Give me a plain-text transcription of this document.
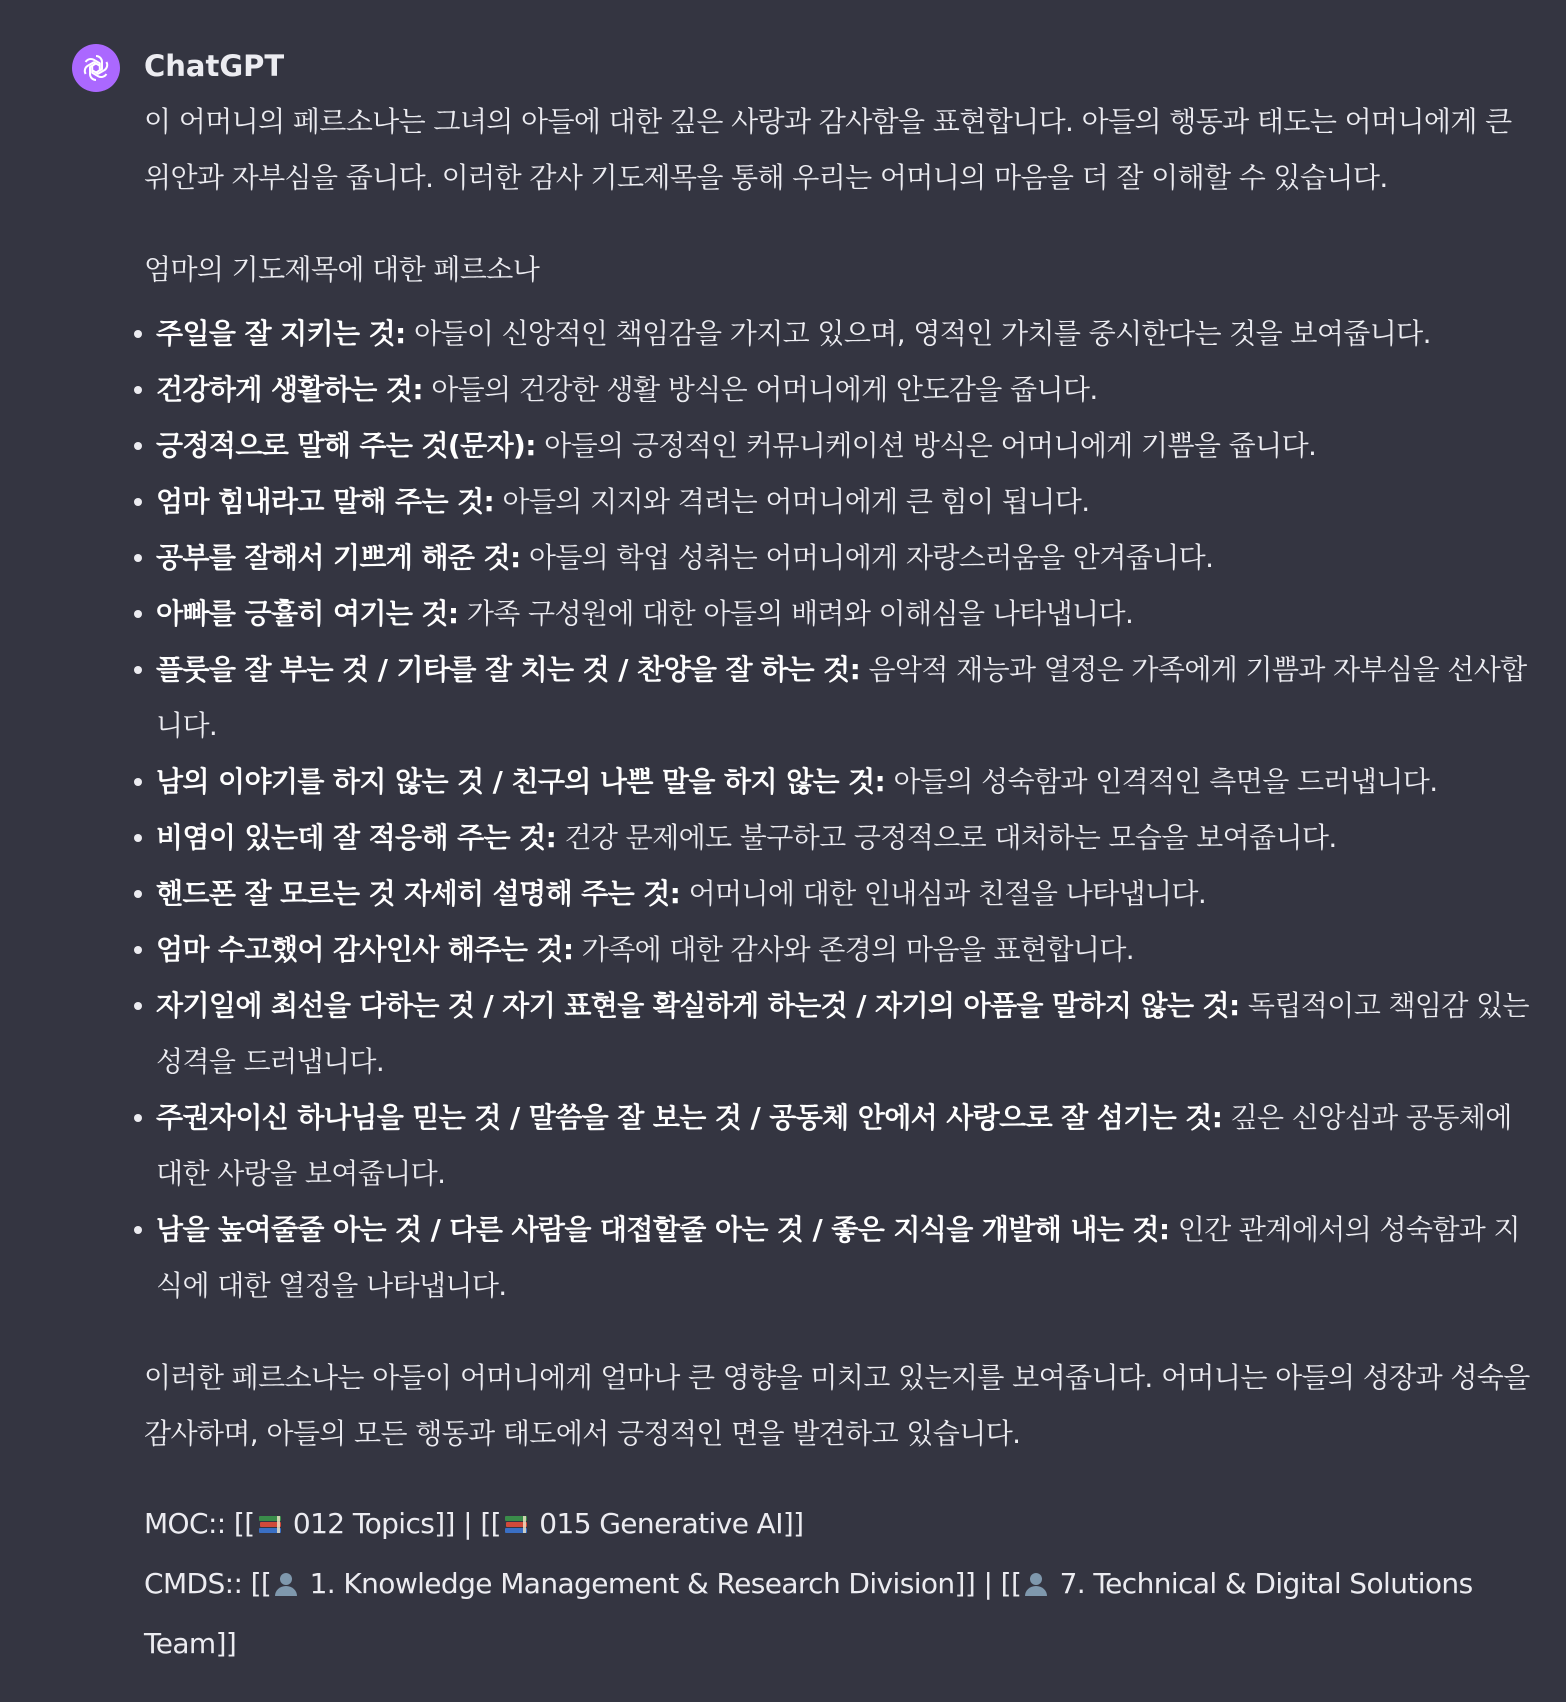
ChatGPT

이 어머니의 페르소나는 그녀의 아들에 대한 깊은 사랑과 감사함을 표현합니다. 아들의 행동과 태도는 어머니에게 큰 위안과 자부심을 줍니다. 이러한 감사 기도제목을 통해 우리는 어머니의 마음을 더 잘 이해할 수 있습니다.

엄마의 기도제목에 대한 페르소나

주일을 잘 지키는 것: 아들이 신앙적인 책임감을 가지고 있으며, 영적인 가치를 중시한다는 것을 보여줍니다.
건강하게 생활하는 것: 아들의 건강한 생활 방식은 어머니에게 안도감을 줍니다.
긍정적으로 말해 주는 것(문자): 아들의 긍정적인 커뮤니케이션 방식은 어머니에게 기쁨을 줍니다.
엄마 힘내라고 말해 주는 것: 아들의 지지와 격려는 어머니에게 큰 힘이 됩니다.
공부를 잘해서 기쁘게 해준 것: 아들의 학업 성취는 어머니에게 자랑스러움을 안겨줍니다.
아빠를 긍휼히 여기는 것: 가족 구성원에 대한 아들의 배려와 이해심을 나타냅니다.
플룻을 잘 부는 것 / 기타를 잘 치는 것 / 찬양을 잘 하는 것: 음악적 재능과 열정은 가족에게 기쁨과 자부심을 선사합니다.
남의 이야기를 하지 않는 것 / 친구의 나쁜 말을 하지 않는 것: 아들의 성숙함과 인격적인 측면을 드러냅니다.
비염이 있는데 잘 적응해 주는 것: 건강 문제에도 불구하고 긍정적으로 대처하는 모습을 보여줍니다.
핸드폰 잘 모르는 것 자세히 설명해 주는 것: 어머니에 대한 인내심과 친절을 나타냅니다.
엄마 수고했어 감사인사 해주는 것: 가족에 대한 감사와 존경의 마음을 표현합니다.
자기일에 최선을 다하는 것 / 자기 표현을 확실하게 하는것 / 자기의 아픔을 말하지 않는 것: 독립적이고 책임감 있는 성격을 드러냅니다.
주권자이신 하나님을 믿는 것 / 말씀을 잘 보는 것 / 공동체 안에서 사랑으로 잘 섬기는 것: 깊은 신앙심과 공동체에 대한 사랑을 보여줍니다.
남을 높여줄줄 아는 것 / 다른 사람을 대접할줄 아는 것 / 좋은 지식을 개발해 내는 것: 인간 관계에서의 성숙함과 지식에 대한 열정을 나타냅니다.

이러한 페르소나는 아들이 어머니에게 얼마나 큰 영향을 미치고 있는지를 보여줍니다. 어머니는 아들의 성장과 성숙을 감사하며, 아들의 모든 행동과 태도에서 긍정적인 면을 발견하고 있습니다.

MOC:: [[ 012 Topics]] | [[ 015 Generative AI]]
CMDS:: [[ 1. Knowledge Management & Research Division]] | [[ 7. Technical & Digital Solutions Team]]
